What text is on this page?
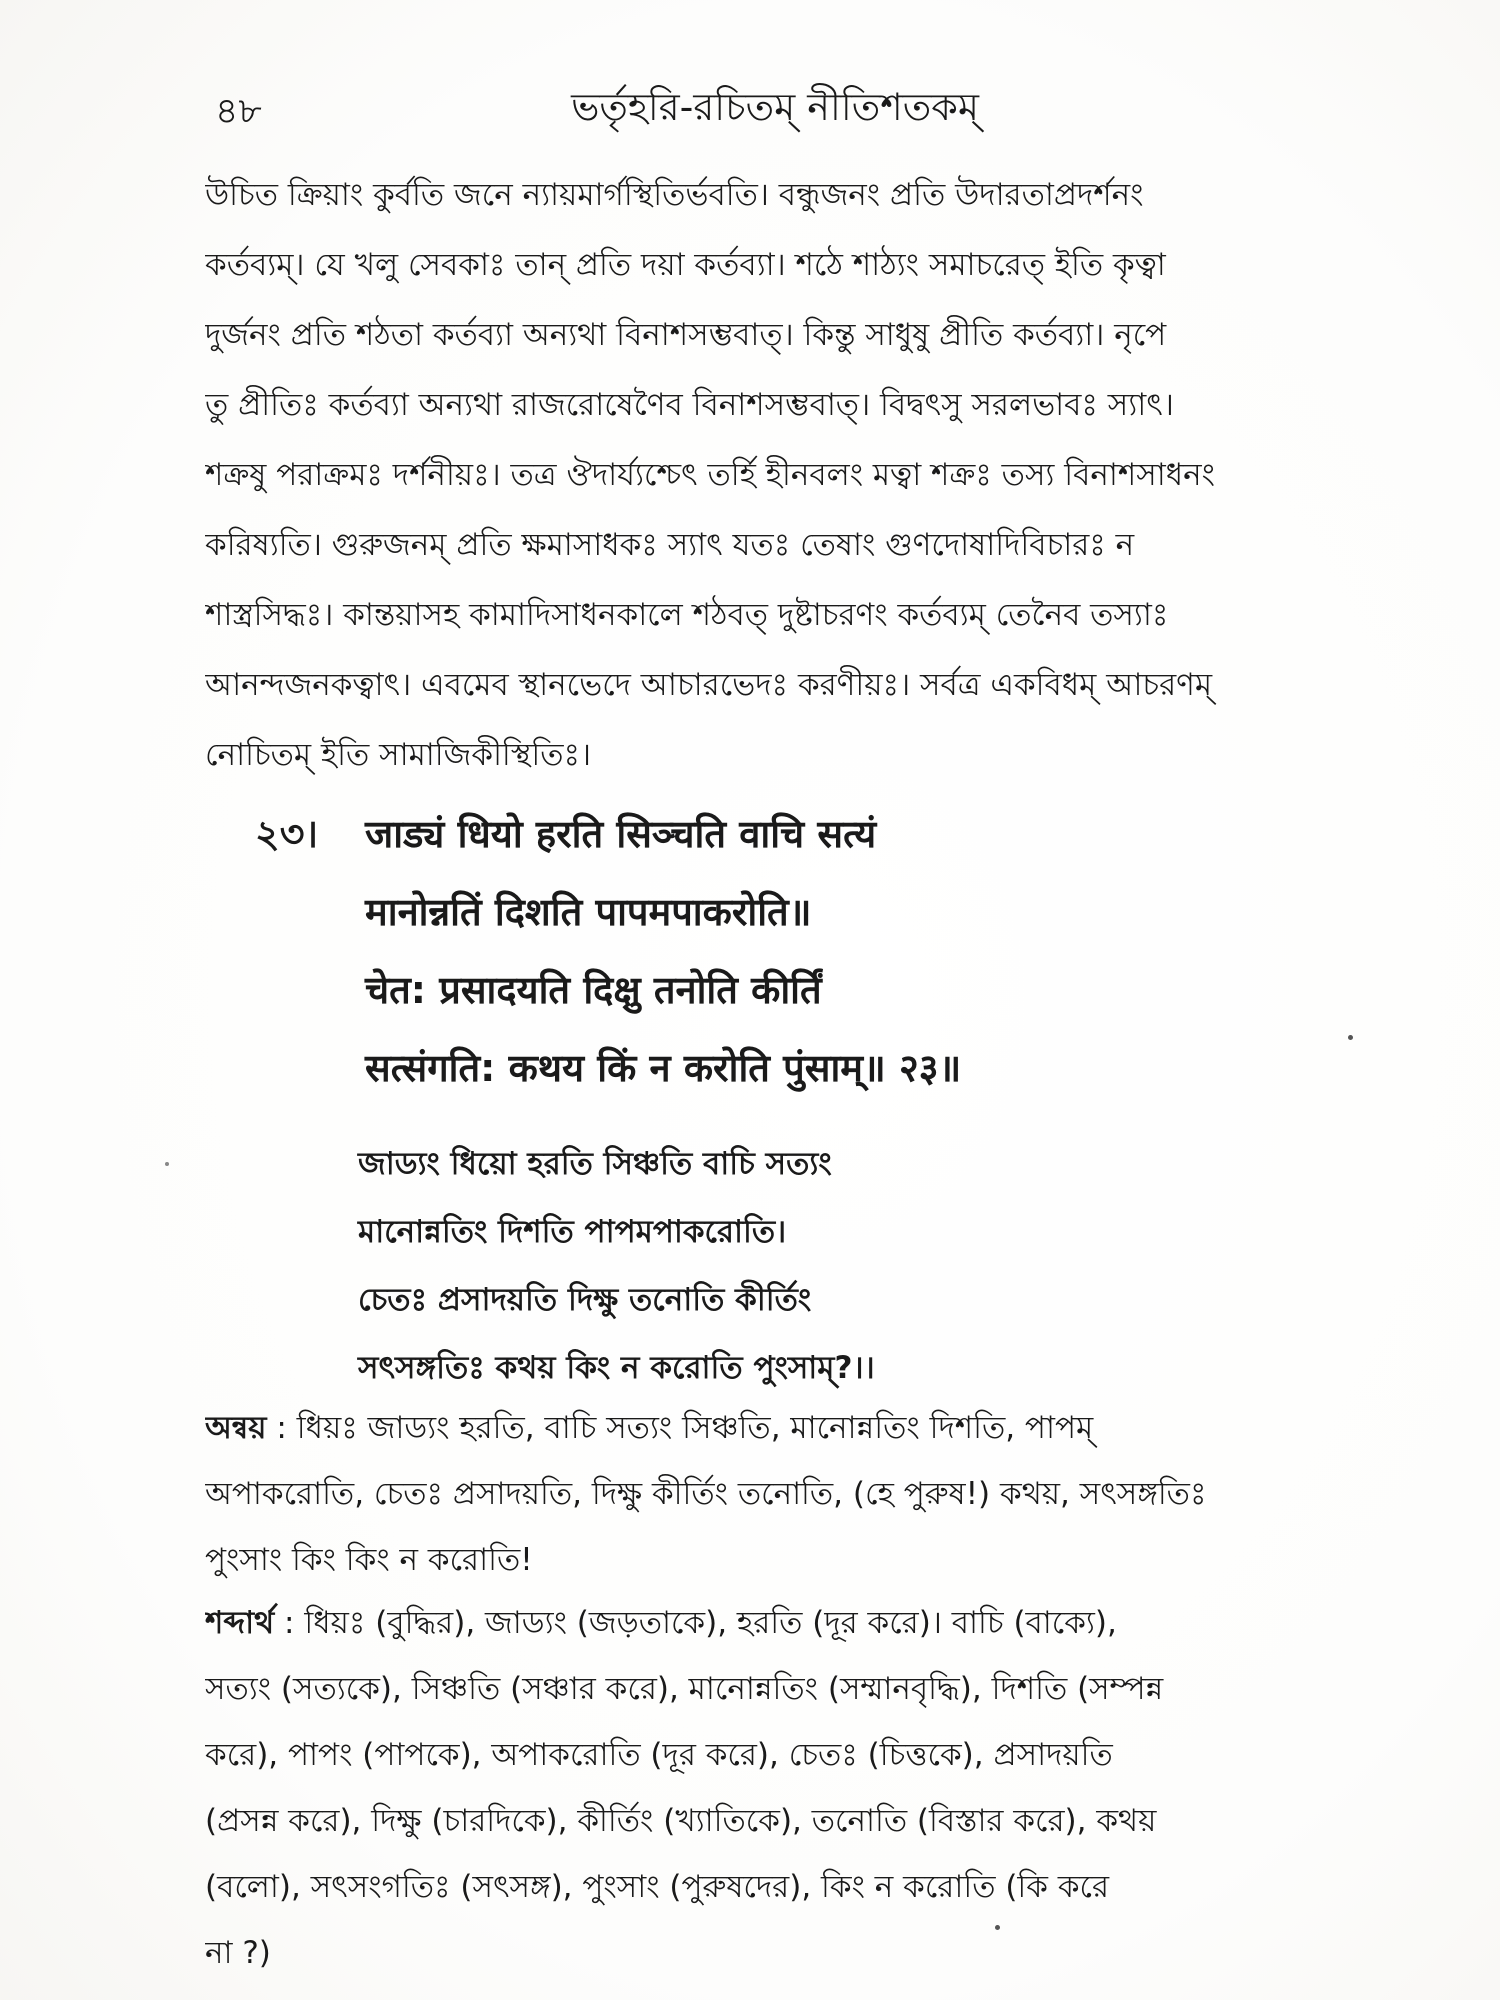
৪৮	ভর্তৃহরি-রচিতম্ নীতিশতকম্
উচিত ক্রিয়াং কুর্বতি জনে ন্যায়মার্গস্থিতির্ভবতি। বন্ধুজনং প্রতি উদারতাপ্রদর্শনং
কর্তব্যম্। যে খলু সেবকাঃ তান্ প্রতি দয়া কর্তব্যা। শঠে শাঠ্যং সমাচরেত্ ইতি কৃত্বা
দুর্জনং প্রতি শঠতা কর্তব্যা অন্যথা বিনাশসম্ভবাত্। কিন্তু সাধুষু প্রীতি কর্তব্যা। নৃপে
তু প্রীতিঃ কর্তব্যা অন্যথা রাজরোষেণৈব বিনাশসম্ভবাত্। বিদ্বৎসু সরলভাবঃ স্যাৎ।
শক্রষু পরাক্রমঃ দর্শনীয়ঃ। তত্র ঔদার্য্যশ্চেৎ তর্হি হীনবলং মত্বা শক্রঃ তস্য বিনাশসাধনং
করিষ্যতি। গুরুজনম্ প্রতি ক্ষমাসাধকঃ স্যাৎ যতঃ তেষাং গুণদোষাদিবিচারঃ ন
শাস্ত্রসিদ্ধঃ। কান্তয়াসহ কামাদিসাধনকালে শঠবত্ দুষ্টাচরণং কর্তব্যম্ তেনৈব তস্যাঃ
আনন্দজনকত্বাৎ। এবমেব স্থানভেদে আচারভেদঃ করণীয়ঃ। সর্বত্র একবিধম্ আচরণম্
নোচিতম্ ইতি সামাজিকীস্থিতিঃ।
২৩। जाड्यं धियो हरति सिञ्चति वाचि सत्यं
मानोन्नतिं दिशति पापमपाकरोति॥
चेत: प्रसादयति दिक्षु तनोति कीर्तिं
सत्संगति: कथय किं न करोति पुंसाम्॥ २३॥
জাড্যং ধিয়ো হরতি সিঞ্চতি বাচি সত্যং
মানোন্নতিং দিশতি পাপমপাকরোতি।
চেতঃ প্রসাদয়তি দিক্ষু তনোতি কীর্তিং
সৎসঙ্গতিঃ কথয় কিং ন করোতি পুংসাম্?।।
অন্বয় : ধিয়ঃ জাড্যং হরতি, বাচি সত্যং সিঞ্চতি, মানোন্নতিং দিশতি, পাপম্
অপাকরোতি, চেতঃ প্রসাদয়তি, দিক্ষু কীর্তিং তনোতি, (হে পুরুষ!) কথয়, সৎসঙ্গতিঃ
পুংসাং কিং কিং ন করোতি!
শব্দার্থ : ধিয়ঃ (বুদ্ধির), জাড্যং (জড়তাকে), হরতি (দূর করে)। বাচি (বাক্যে),
সত্যং (সত্যকে), সিঞ্চতি (সঞ্চার করে), মানোন্নতিং (সম্মানবৃদ্ধি), দিশতি (সম্পন্ন
করে), পাপং (পাপকে), অপাকরোতি (দূর করে), চেতঃ (চিত্তকে), প্রসাদয়তি
(প্রসন্ন করে), দিক্ষু (চারদিকে), কীর্তিং (খ্যাতিকে), তনোতি (বিস্তার করে), কথয়
(বলো), সৎসংগতিঃ (সৎসঙ্গ), পুংসাং (পুরুষদের), কিং ন করোতি (কি করে
না ?)
